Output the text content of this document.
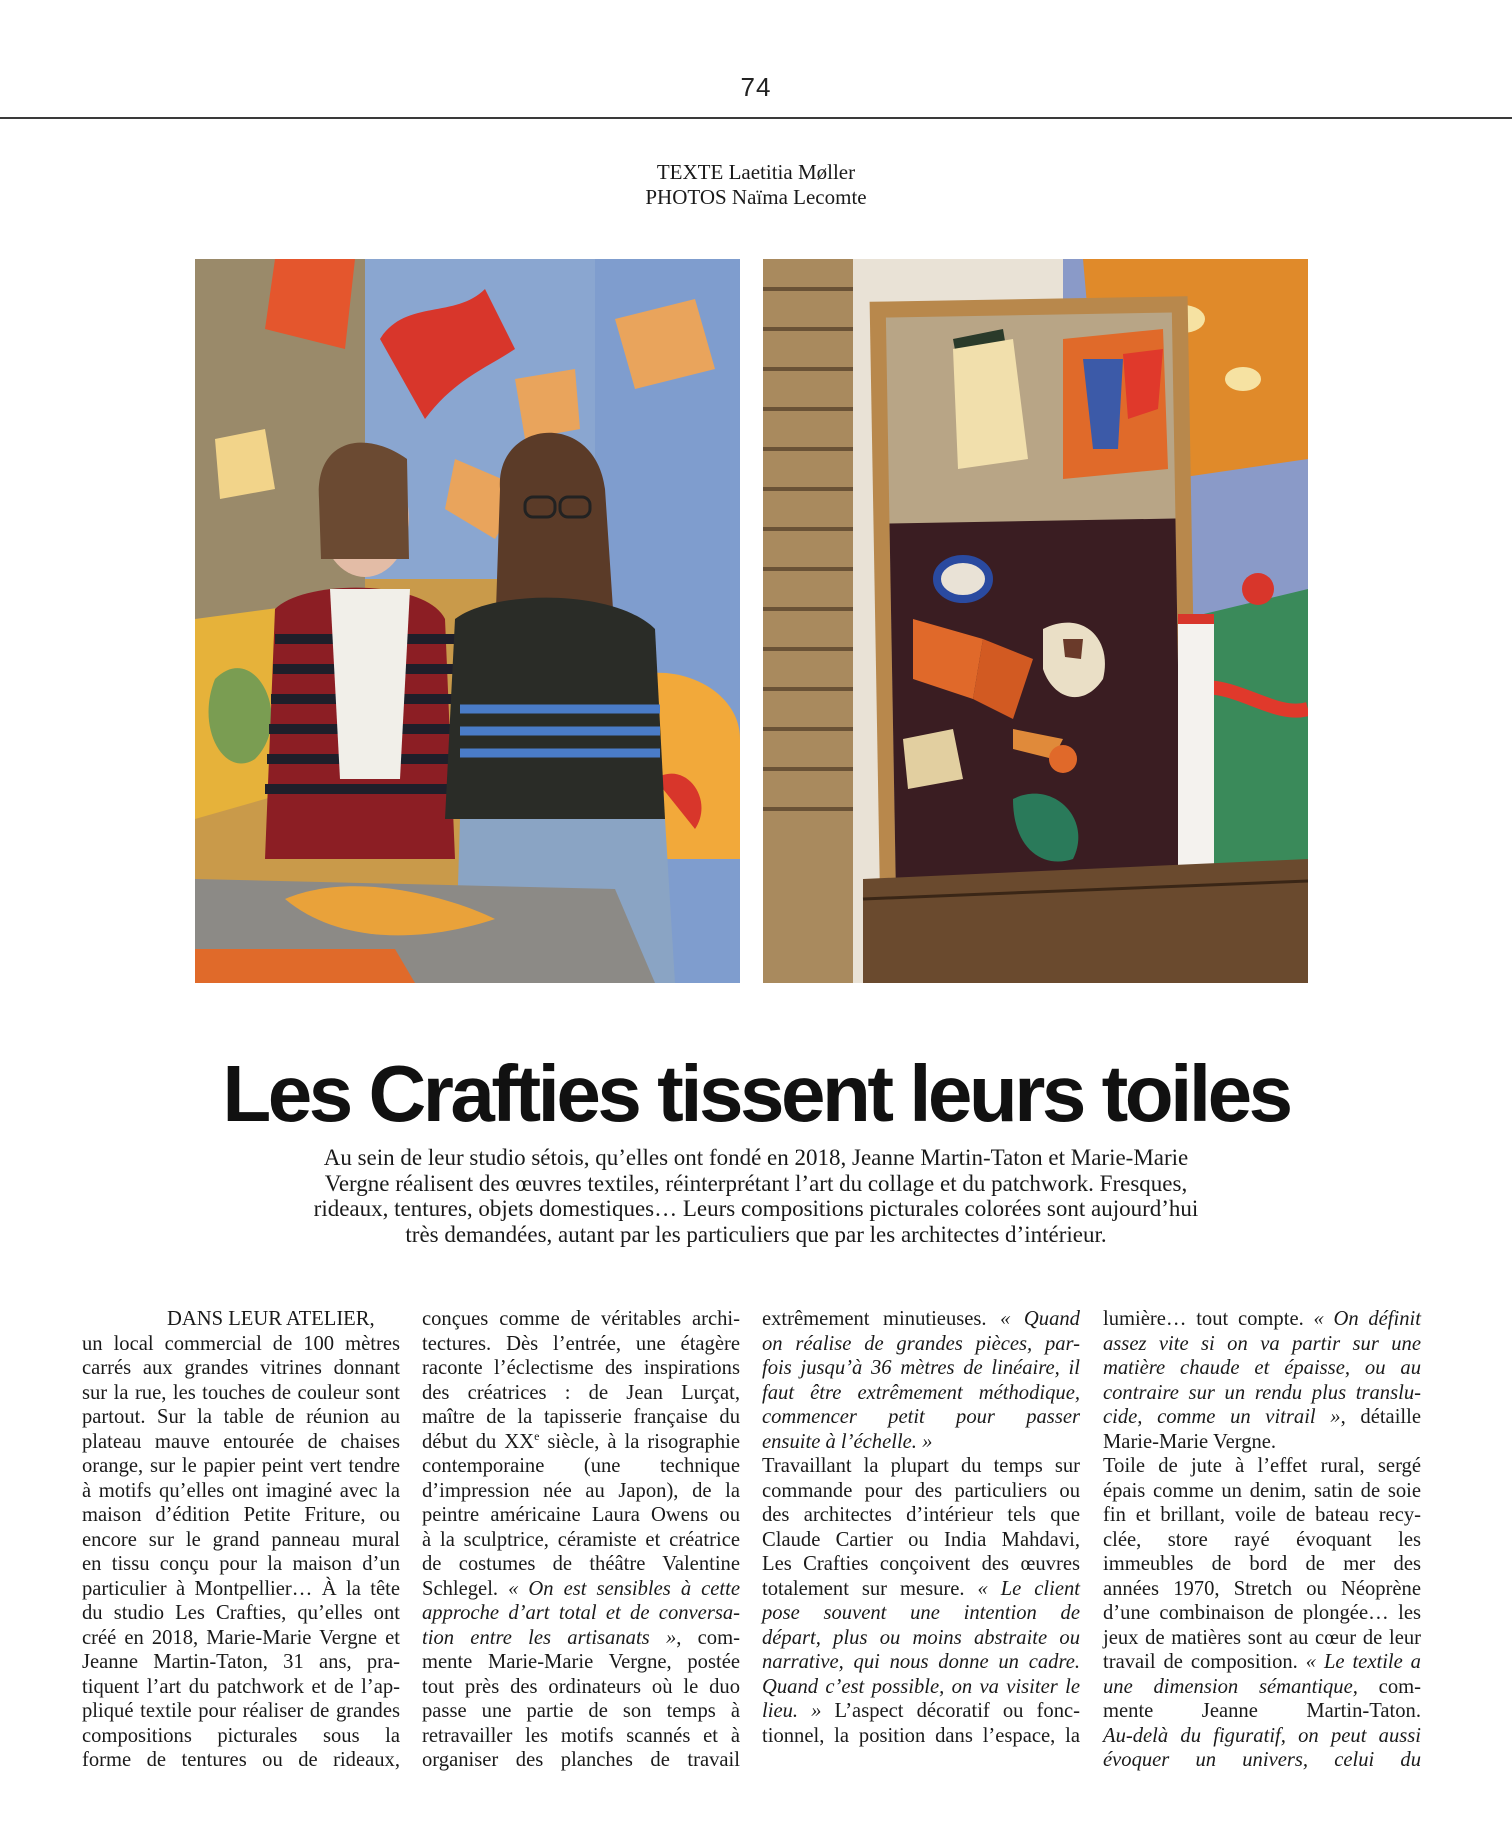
74
TEXTE Laetitia Møller
PHOTOS Naïma Lecomte
Les Crafties tissent leurs toiles

Au sein de leur studio sétois, qu’elles ont fondé en 2018, Jeanne Martin-Taton et Marie-Marie
Vergne réalisent des œuvres textiles, réinterprétant l’art du collage et du patchwork. Fresques,
rideaux, tentures, objets domestiques… Leurs compositions picturales colorées sont aujourd’hui
très demandées, autant par les particuliers que par les architectes d’intérieur.

DANS LEUR ATELIER,
un local commercial de 100 mètres
carrés aux grandes vitrines donnant
sur la rue, les touches de couleur sont
partout. Sur la table de réunion au
plateau mauve entourée de chaises
orange, sur le papier peint vert tendre
à motifs qu’elles ont imaginé avec la
maison d’édition Petite Friture, ou
encore sur le grand panneau mural
en tissu conçu pour la maison d’un
particulier à Montpellier… À la tête
du studio Les Crafties, qu’elles ont
créé en 2018, Marie-Marie Vergne et
Jeanne Martin-Taton, 31 ans, pra-
tiquent l’art du patchwork et de l’ap-
pliqué textile pour réaliser de grandes
compositions picturales sous la
forme de tentures ou de rideaux,
conçues comme de véritables archi-
tectures. Dès l’entrée, une étagère
raconte l’éclectisme des inspirations
des créatrices : de Jean Lurçat,
maître de la tapisserie française du
début du XXe siècle, à la risographie
contemporaine (une technique
d’impression née au Japon), de la
peintre américaine Laura Owens ou
à la sculptrice, céramiste et créatrice
de costumes de théâtre Valentine
Schlegel. « On est sensibles à cette
approche d’art total et de conversa-
tion entre les artisanats », com-
mente Marie-Marie Vergne, postée
tout près des ordinateurs où le duo
passe une partie de son temps à
retravailler les motifs scannés et à
organiser des planches de travail
extrêmement minutieuses. « Quand
on réalise de grandes pièces, par-
fois jusqu’à 36 mètres de linéaire, il
faut être extrêmement méthodique,
commencer petit pour passer
ensuite à l’échelle. »
Travaillant la plupart du temps sur
commande pour des particuliers ou
des architectes d’intérieur tels que
Claude Cartier ou India Mahdavi,
Les Crafties conçoivent des œuvres
totalement sur mesure. « Le client
pose souvent une intention de
départ, plus ou moins abstraite ou
narrative, qui nous donne un cadre.
Quand c’est possible, on va visiter le
lieu. » L’aspect décoratif ou fonc-
tionnel, la position dans l’espace, la
lumière… tout compte. « On définit
assez vite si on va partir sur une
matière chaude et épaisse, ou au
contraire sur un rendu plus translu-
cide, comme un vitrail », détaille
Marie-Marie Vergne.
Toile de jute à l’effet rural, sergé
épais comme un denim, satin de soie
fin et brillant, voile de bateau recy-
clée, store rayé évoquant les
immeubles de bord de mer des
années 1970, Stretch ou Néoprène
d’une combinaison de plongée… les
jeux de matières sont au cœur de leur
travail de composition. « Le textile a
une dimension sémantique, com-
mente Jeanne Martin-Taton.
Au-delà du figuratif, on peut aussi
évoquer un univers, celui du
